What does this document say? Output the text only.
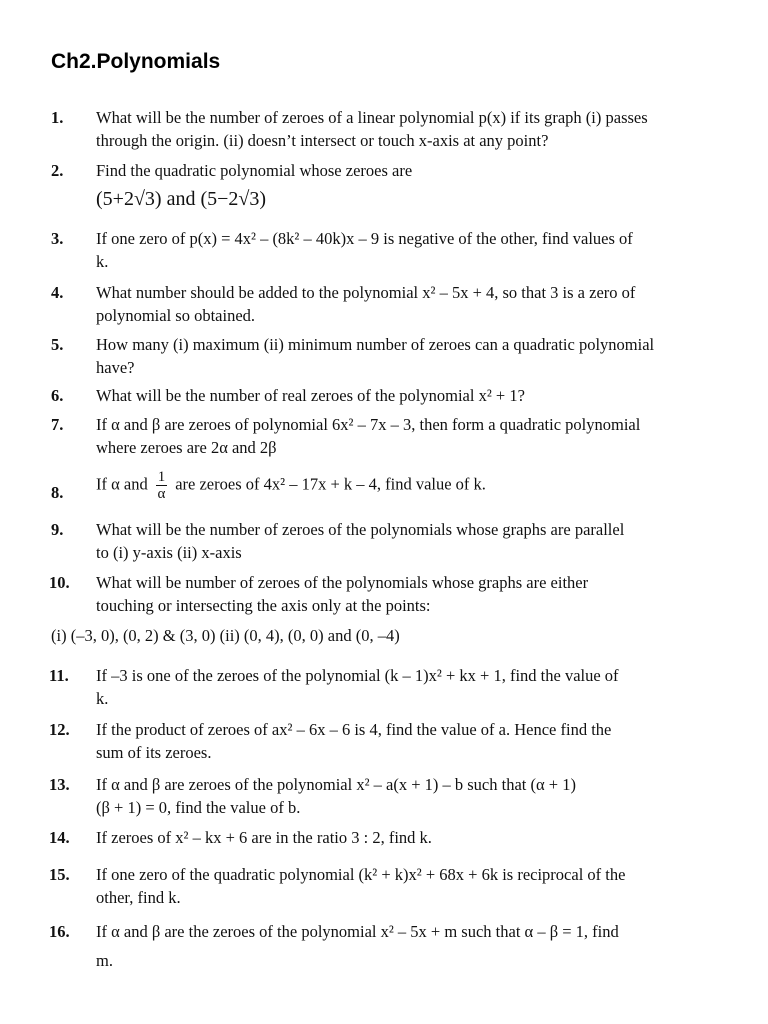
Ch2.Polynomials
1.	What will be the number of zeroes of a linear polynomial p(x) if its graph (i) passes
through the origin. (ii) doesn’t intersect or touch x-axis at any point?
2.	Find the quadratic polynomial whose zeroes are
(5+2√3) and (5−2√3)
3.	If one zero of p(x) = 4x² – (8k² – 40k)x – 9 is negative of the other, find values of
k.
4.	What number should be added to the polynomial x² – 5x + 4, so that 3 is a zero of
polynomial so obtained.
5.	How many (i) maximum (ii) minimum number of zeroes can a quadratic polynomial
have?
6.	What will be the number of real zeroes of the polynomial x² + 1?
7.	If α and β are zeroes of polynomial 6x² – 7x – 3, then form a quadratic polynomial
where zeroes are 2α and 2β
8.	If α and $\frac{1}{\alpha}$ are zeroes of 4x² – 17x + k – 4, find value of k.
9.	What will be the number of zeroes of the polynomials whose graphs are parallel
to (i) y-axis (ii) x-axis
10.	What will be number of zeroes of the polynomials whose graphs are either
touching or intersecting the axis only at the points:
(i) (–3, 0), (0, 2) & (3, 0) (ii) (0, 4), (0, 0) and (0, –4)
11.	If –3 is one of the zeroes of the polynomial (k – 1)x² + kx + 1, find the value of
k.
12.	If the product of zeroes of ax² – 6x – 6 is 4, find the value of a. Hence find the
sum of its zeroes.
13.	If α and β are zeroes of the polynomial x² – a(x + 1) – b such that (α + 1)
(β + 1) = 0, find the value of b.
14.	If zeroes of x² – kx + 6 are in the ratio 3 : 2, find k.
15.	If one zero of the quadratic polynomial (k² + k)x² + 68x + 6k is reciprocal of the
other, find k.
16.	If α and β are the zeroes of the polynomial x² – 5x + m such that α – β = 1, find
m.
